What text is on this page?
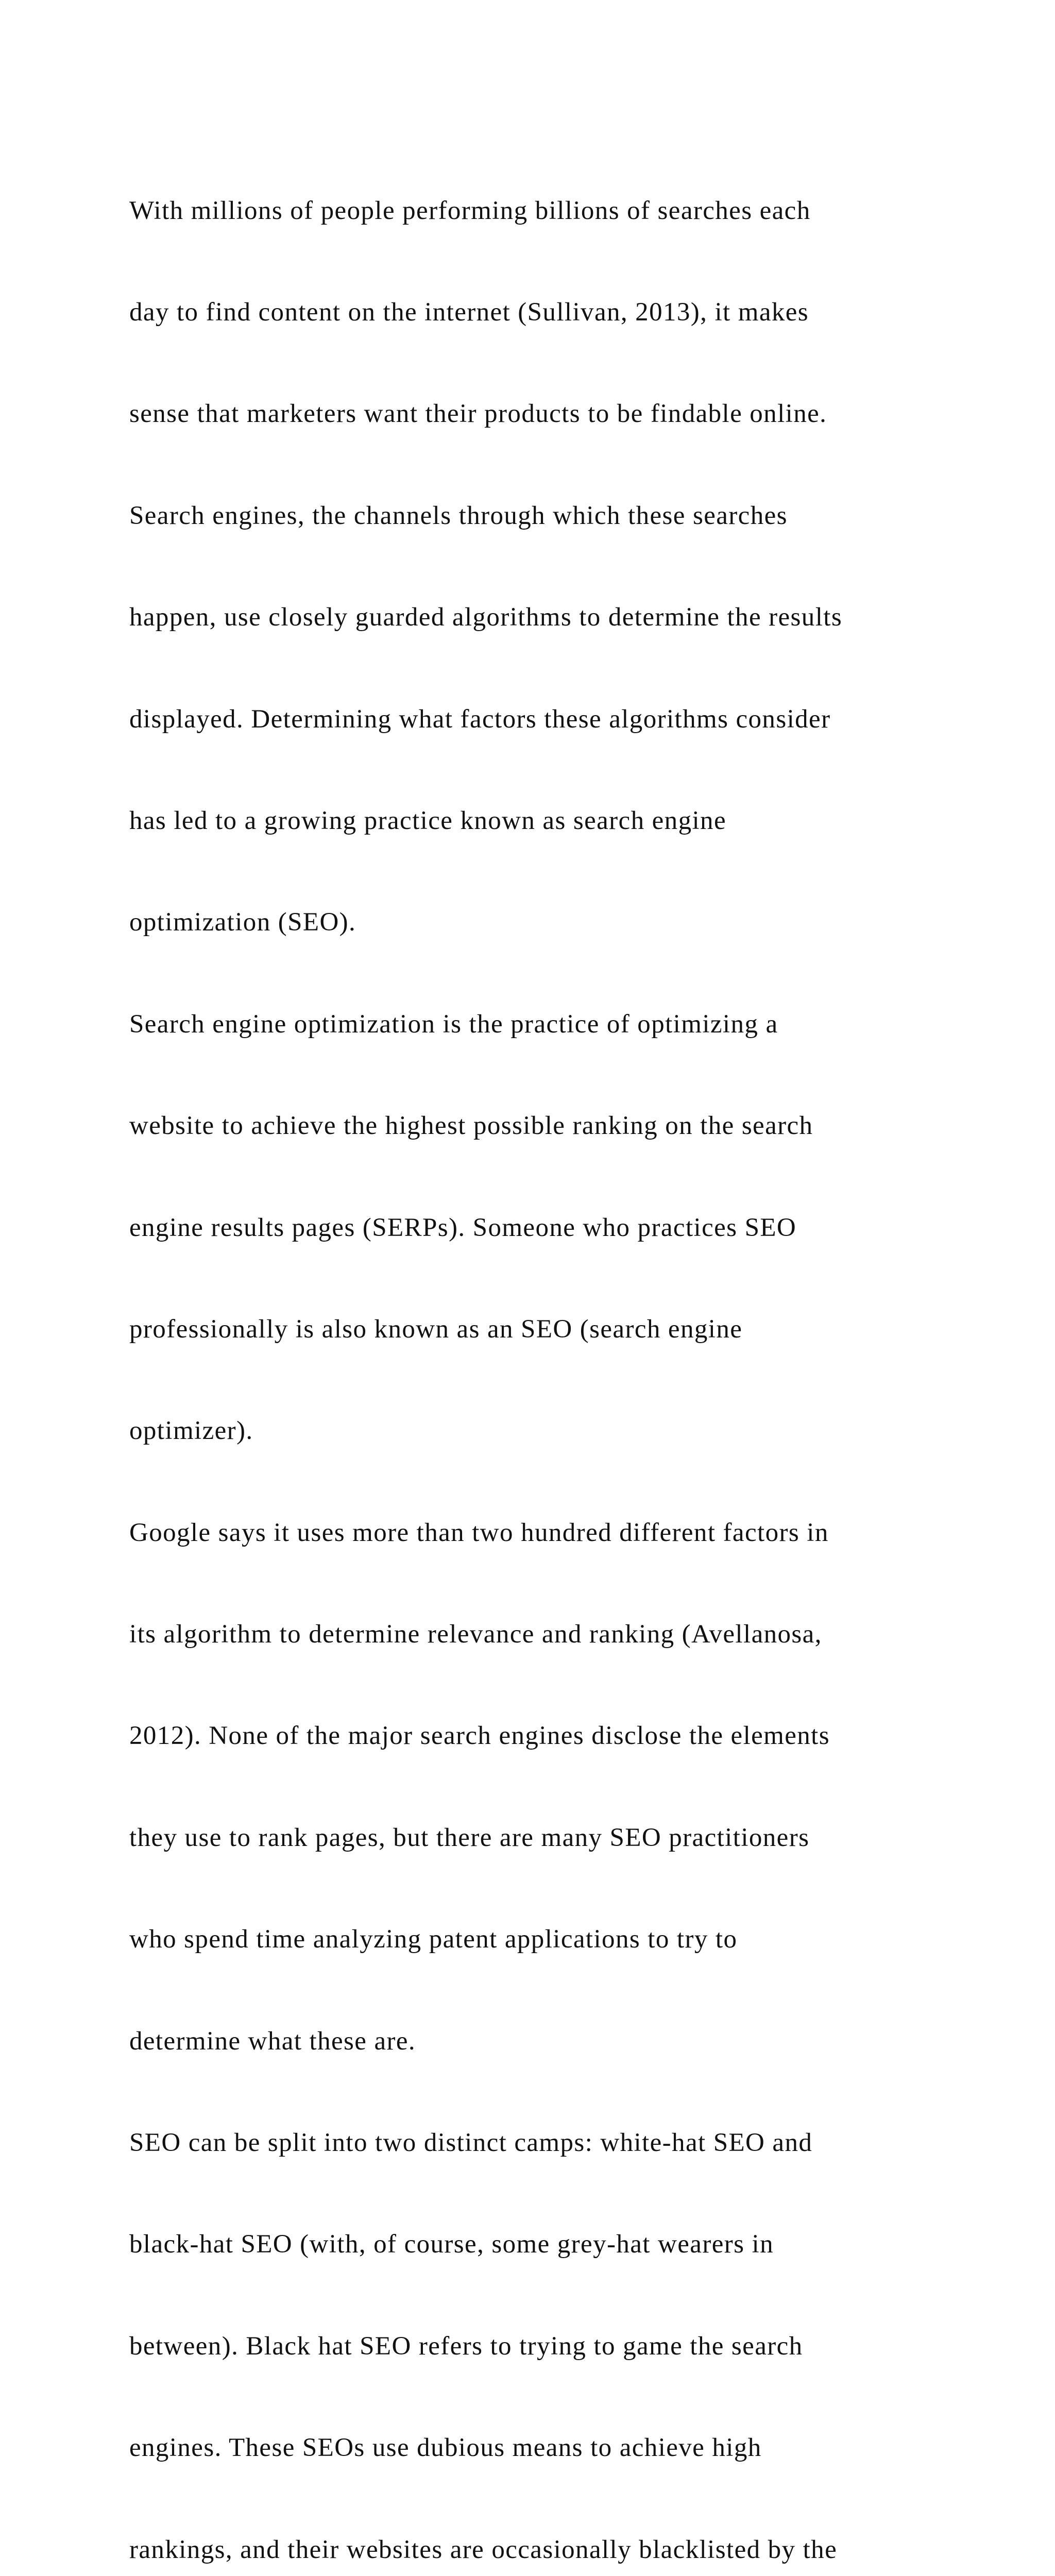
With millions of people performing billions of searches each

day to find content on the internet (Sullivan, 2013), it makes

sense that marketers want their products to be findable online.

Search engines, the channels through which these searches

happen, use closely guarded algorithms to determine the results

displayed. Determining what factors these algorithms consider

has led to a growing practice known as search engine

optimization (SEO).

Search engine optimization is the practice of optimizing a

website to achieve the highest possible ranking on the search

engine results pages (SERPs). Someone who practices SEO

professionally is also known as an SEO (search engine

optimizer).

Google says it uses more than two hundred different factors in

its algorithm to determine relevance and ranking (Avellanosa,

2012). None of the major search engines disclose the elements

they use to rank pages, but there are many SEO practitioners

who spend time analyzing patent applications to try to

determine what these are.

SEO can be split into two distinct camps: white-hat SEO and

black-hat SEO (with, of course, some grey-hat wearers in

between). Black hat SEO refers to trying to game the search

engines. These SEOs use dubious means to achieve high

rankings, and their websites are occasionally blacklisted by the
